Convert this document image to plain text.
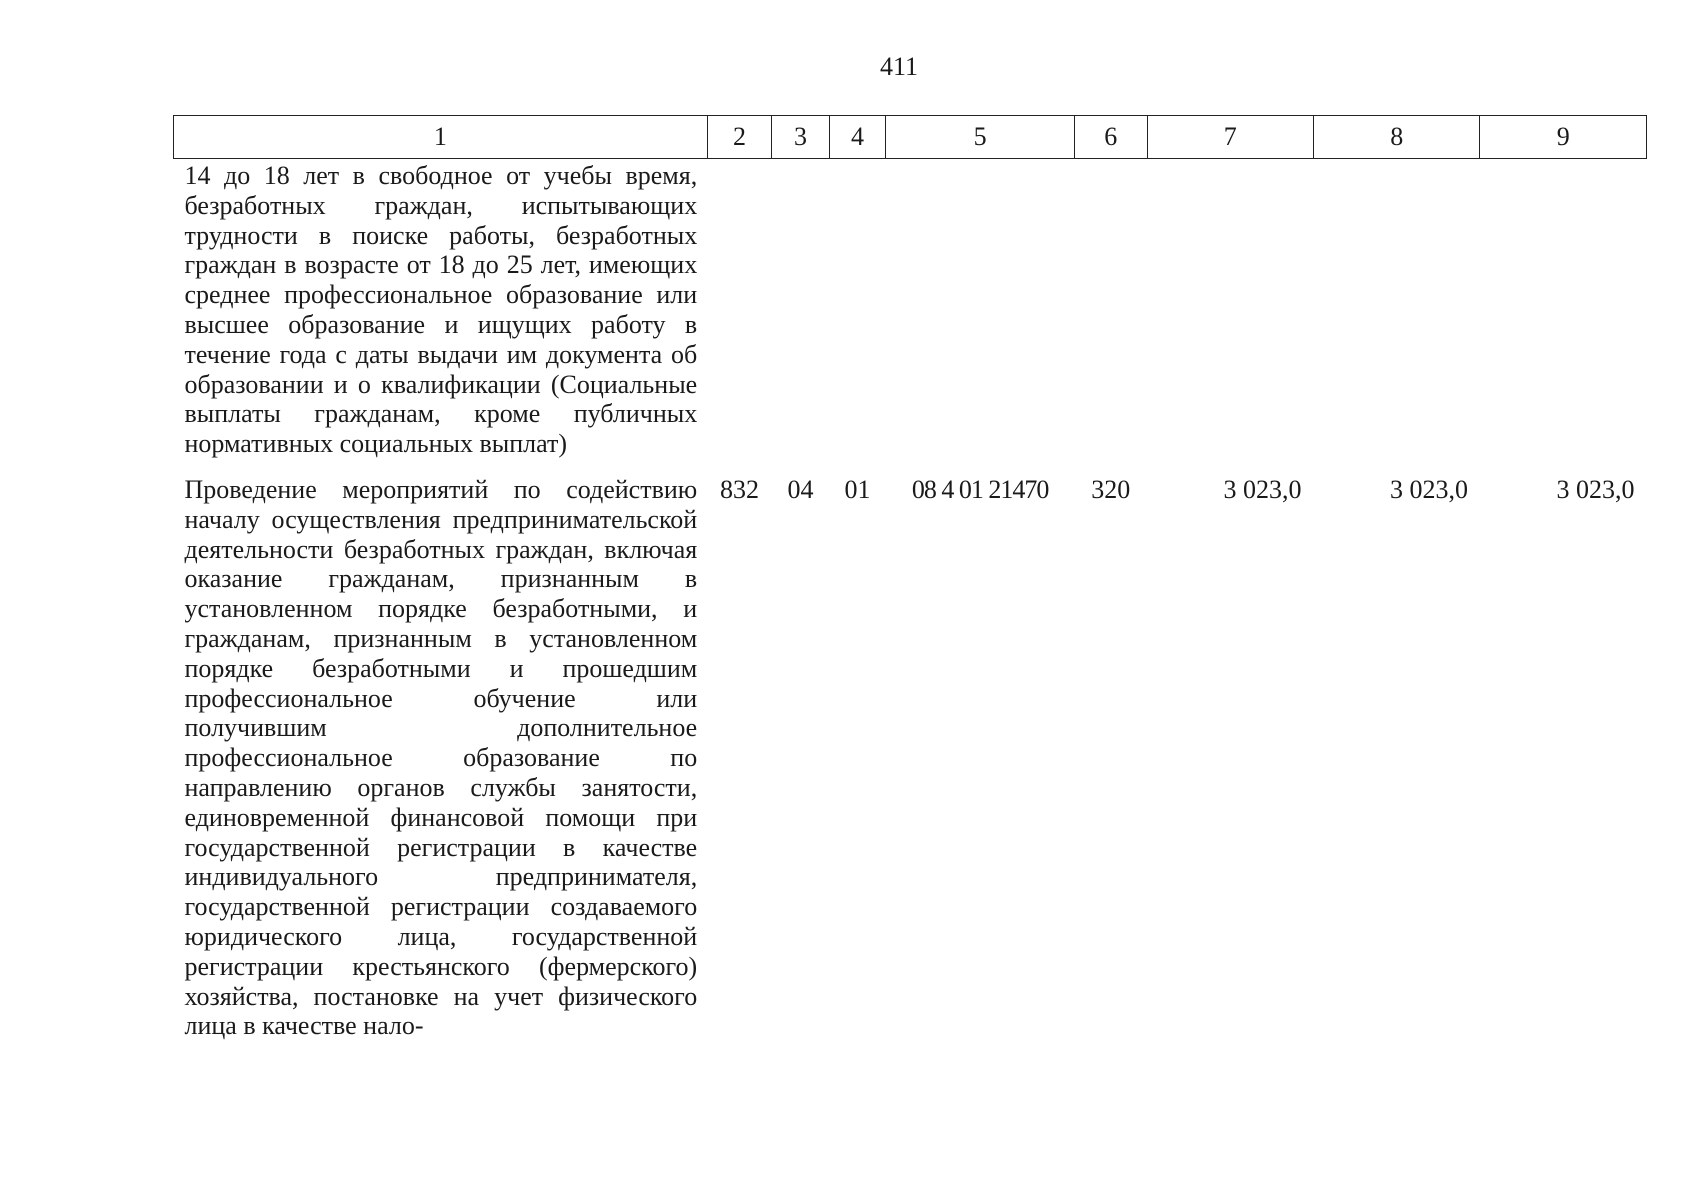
411
1	2	3	4	5	6	7	8	9
14 до 18 лет в свободное от учебы время, безработных граждан, испытывающих трудности в поиске работы, безработных граждан в возрасте от 18 до 25 лет, имеющих среднее профессиональное образование или высшее образование и ищущих работу в течение года с даты выдачи им документа об образовании и о квалификации (Социальные выплаты гражданам, кроме публичных нормативных социальных выплат)								
Проведение мероприятий по содействию началу осуществления предпринимательской деятельности безработных граждан, включая оказание гражданам, признанным в установленном порядке безработными, и гражданам, признанным в установленном порядке безработными и прошедшим профессиональное обучение или получившим дополнительное профессиональное образование по направлению органов службы занятости, единовременной финансовой помощи при государственной регистрации в качестве индивидуального предпринимателя, государственной регистрации создаваемого юридического лица, государственной регистрации крестьянского (фермерского) хозяйства, постановке на учет физического лица в качестве нало-	832	04	01	08 4 01 21470	320	3 023,0	3 023,0	3 023,0
